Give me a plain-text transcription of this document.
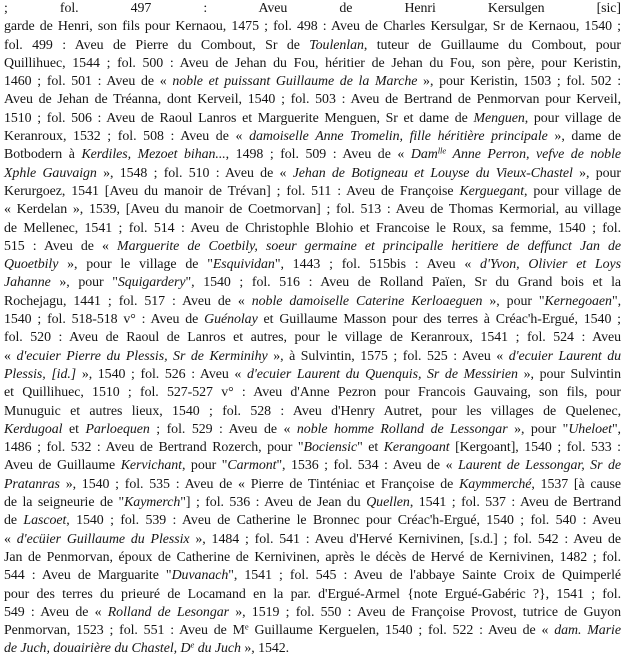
; fol. 497 : Aveu de Henri Kersulgen [sic]
garde de Henri, son fils pour Kernaou, 1475 ; fol. 498 : Aveu de Charles Kersulgar, Sr de Kernaou, 1540 ;
fol. 499 : Aveu de Pierre du Combout, Sr de Toulenlan, tuteur de Guillaume du Combout, pour
Quillihuec, 1544 ; fol. 500 : Aveu de Jehan du Fou, héritier de Jehan du Fou, son père, pour Keristin,
1460 ; fol. 501 : Aveu de « noble et puissant Guillaume de la Marche », pour Keristin, 1503 ; fol. 502 :
Aveu de Jehan de Tréanna, dont Kerveil, 1540 ; fol. 503 : Aveu de Bertrand de Penmorvan pour Kerveil,
1510 ; fol. 506 : Aveu de Raoul Lanros et Marguerite Menguen, Sr et dame de Menguen, pour village de
Keranroux, 1532 ; fol. 508 : Aveu de « damoiselle Anne Tromelin, fille héritière principale », dame de
Botbodern à Kerdiles, Mezoet bihan..., 1498 ; fol. 509 : Aveu de « Dam$^{lle}$ Anne Perron, vefve de noble
Xphle Gauvaign », 1548 ; fol. 510 : Aveu de « Jehan de Botigneau et Louyse du Vieux-Chastel », pour
Kerurgoez, 1541 [Aveu du manoir de Trévan] ; fol. 511 : Aveu de Françoise Kerguegant, pour village de
« Kerdelan », 1539, [Aveu du manoir de Coetmorvan] ; fol. 513 : Aveu de Thomas Kermorial, au village
de Mellenec, 1541 ; fol. 514 : Aveu de Christophle Blohio et Francoise le Roux, sa femme, 1540 ; fol.
515 : Aveu de « Marguerite de Coetbily, soeur germaine et principalle heritiere de deffunct Jan de
Quoetbily », pour le village de "Esquividan", 1443 ; fol. 515bis : Aveu « d'Yvon, Olivier et Loys
Jahanne », pour "Squigardery", 1540 ; fol. 516 : Aveu de Rolland Païen, Sr du Grand bois et la
Rochejagu, 1441 ; fol. 517 : Aveu de « noble damoiselle Caterine Kerloaeguen », pour "Kernegoaen",
1540 ; fol. 518-518 v° : Aveu de Guénolay et Guillaume Masson pour des terres à Créac'h-Ergué, 1540 ;
fol. 520 : Aveu de Raoul de Lanros et autres, pour le village de Keranroux, 1541 ; fol. 524 : Aveu
« d'ecuier Pierre du Plessis, Sr de Kerminihy », à Sulvintin, 1575 ; fol. 525 : Aveu « d'ecuier Laurent du
Plessis, [id.] », 1540 ; fol. 526 : Aveu « d'ecuier Laurent du Quenquis, Sr de Messirien », pour Sulvintin
et Quillihuec, 1510 ; fol. 527-527 v° : Aveu d'Anne Pezron pour Francois Gauvaing, son fils, pour
Munuguic et autres lieux, 1540 ; fol. 528 : Aveu d'Henry Autret, pour les villages de Quelenec,
Kerdugoal et Parloequen ; fol. 529 : Aveu de « noble homme Rolland de Lessongar », pour "Uheloet",
1486 ; fol. 532 : Aveu de Bertrand Rozerch, pour "Bociensic" et Kerangoant [Kergoant], 1540 ; fol. 533 :
Aveu de Guillaume Kervichant, pour "Carmont", 1536 ; fol. 534 : Aveu de « Laurent de Lessongar, Sr de
Pratanras », 1540 ; fol. 535 : Aveu de « Pierre de Tinténiac et Françoise de Kaymmerché, 1537 [à cause
de la seigneurie de "Kaymerch"] ; fol. 536 : Aveu de Jean du Quellen, 1541 ; fol. 537 : Aveu de Bertrand
de Lascoet, 1540 ; fol. 539 : Aveu de Catherine le Bronnec pour Créac'h-Ergué, 1540 ; fol. 540 : Aveu
« d'ecüier Guillaume du Plessix », 1484 ; fol. 541 : Aveu d'Hervé Kernivinen, [s.d.] ; fol. 542 : Aveu de
Jan de Penmorvan, époux de Catherine de Kernivinen, après le décès de Hervé de Kernivinen, 1482 ; fol.
544 : Aveu de Marguarite "Duvanach", 1541 ; fol. 545 : Aveu de l'abbaye Sainte Croix de Quimperlé
pour des terres du prieuré de Locamand en la par. d'Ergué-Armel {note Ergué-Gabéric ?}, 1541 ; fol.
549 : Aveu de « Rolland de Lesongar », 1519 ; fol. 550 : Aveu de Françoise Provost, tutrice de Guyon
Penmorvan, 1523 ; fol. 551 : Aveu de Me Guillaume Kerguelen, 1540 ; fol. 522 : Aveu de « dam. Marie
de Juch, douairière du Chastel, De du Juch », 1542.
